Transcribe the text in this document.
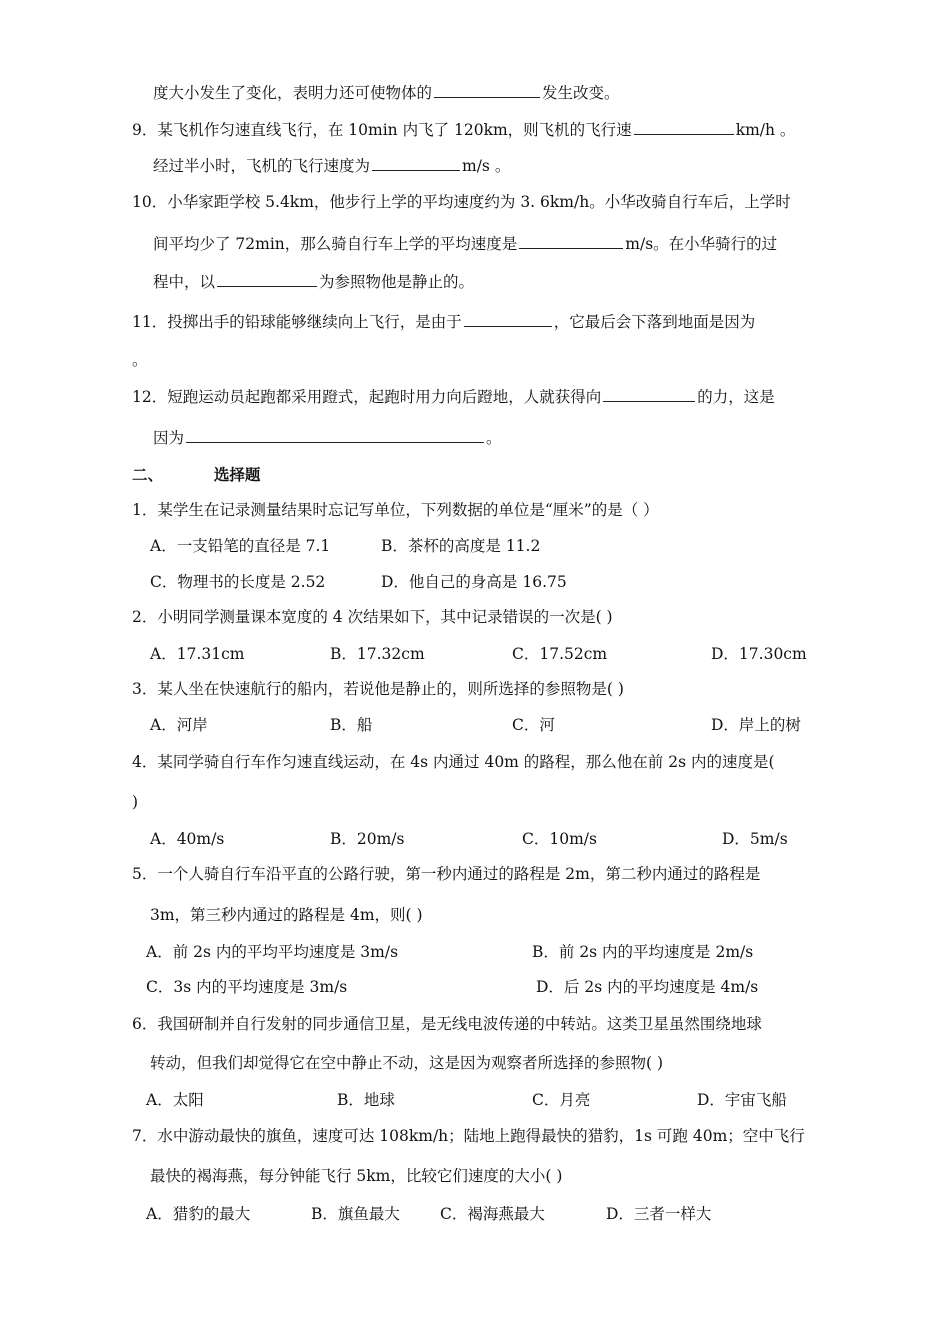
度大小发生了变化，表明力还可使物体的	发生改变。
9．某飞机作匀速直线飞行，在 10min 内飞了 120km，则飞机的飞行速	km/h 。
经过半小时，飞机的飞行速度为	m/s 。
10．小华家距学校 5.4km，他步行上学的平均速度约为 3. 6km/h。小华改骑自行车后，上学时
间平均少了 72min，那么骑自行车上学的平均速度是	m/s。在小华骑行的过
程中，以	为参照物他是静止的。
11．投掷出手的铅球能够继续向上飞行，是由于	，它最后会下落到地面是因为
。
12．短跑运动员起跑都采用蹬式，起跑时用力向后蹬地，人就获得向	的力，这是
因为	。
二、	选择题
1．某学生在记录测量结果时忘记写单位，下列数据的单位是“厘米”的是（ ）
A．一支铅笔的直径是 7.1	B．茶杯的高度是 11.2
C．物理书的长度是 2.52	D．他自己的身高是 16.75
2．小明同学测量课本宽度的 4 次结果如下，其中记录错误的一次是( )
A．17.31cm	B．17.32cm	C．17.52cm	D．17.30cm
3．某人坐在快速航行的船内，若说他是静止的，则所选择的参照物是( )
A．河岸	B．船	C．河	D．岸上的树
4．某同学骑自行车作匀速直线运动，在 4s 内通过 40m 的路程，那么他在前 2s 内的速度是(
)
A．40m/s	B．20m/s	C．10m/s	D．5m/s
5．一个人骑自行车沿平直的公路行驶，第一秒内通过的路程是 2m，第二秒内通过的路程是
3m，第三秒内通过的路程是 4m，则( )
A．前 2s 内的平均平均速度是 3m/s	B．前 2s 内的平均速度是 2m/s
C．3s 内的平均速度是 3m/s	D．后 2s 内的平均速度是 4m/s
6．我国研制并自行发射的同步通信卫星，是无线电波传递的中转站。这类卫星虽然围绕地球
转动，但我们却觉得它在空中静止不动，这是因为观察者所选择的参照物( )
A．太阳	B．地球	C．月亮	D．宇宙飞船
7．水中游动最快的旗鱼，速度可达 108km/h；陆地上跑得最快的猎豹，1s 可跑 40m；空中飞行
最快的褐海燕，每分钟能飞行 5km，比较它们速度的大小( )
A．猎豹的最大	B．旗鱼最大	C．褐海燕最大	D．三者一样大
